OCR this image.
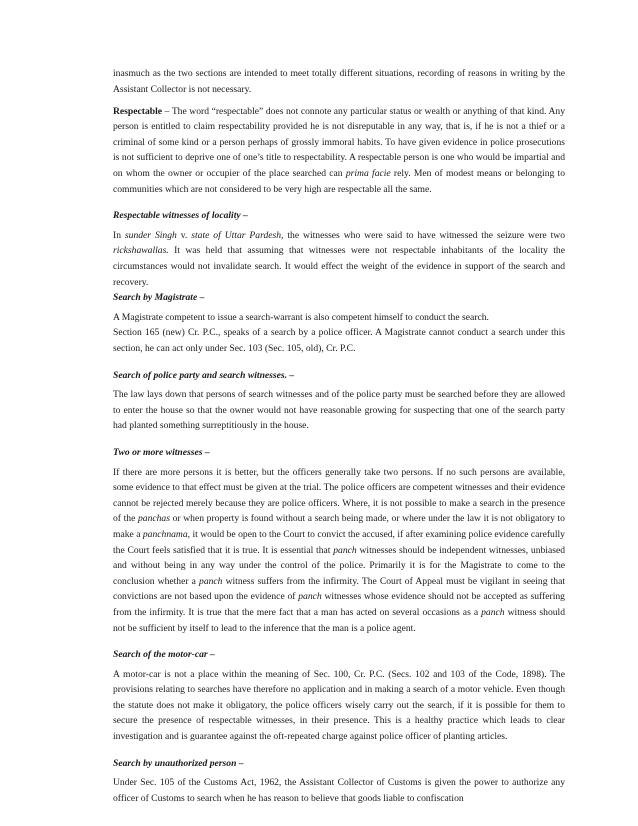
inasmuch as the two sections are intended to meet totally different situations, recording of reasons in writing by the Assistant Collector is not necessary.

Respectable – The word “respectable” does not connote any particular status or wealth or anything of that kind. Any person is entitled to claim respectability provided he is not disreputable in any way, that is, if he is not a thief or a criminal of some kind or a person perhaps of grossly immoral habits. To have given evidence in police prosecutions is not sufficient to deprive one of one’s title to respectability. A respectable person is one who would be impartial and on whom the owner or occupier of the place searched can prima facie rely. Men of modest means or belonging to communities which are not considered to be very high are respectable all the same.

Respectable witnesses of locality –

In sunder Singh v. state of Uttar Pardesh, the witnesses who were said to have witnessed the seizure were two rickshawallas. It was held that assuming that witnesses were not respectable inhabitants of the locality the circumstances would not invalidate search. It would effect the weight of the evidence in support of the search and recovery.

Search by Magistrate –

A Magistrate competent to issue a search-warrant is also competent himself to conduct the search.

Section 165 (new) Cr. P.C., speaks of a search by a police officer. A Magistrate cannot conduct a search under this section, he can act only under Sec. 103 (Sec. 105, old), Cr. P.C.

Search of police party and search witnesses. –

The law lays down that persons of search witnesses and of the police party must be searched before they are allowed to enter the house so that the owner would not have reasonable growing for suspecting that one of the search party had planted something surreptitiously in the house.

Two or more witnesses –

If there are more persons it is better, but the officers generally take two persons. If no such persons are available, some evidence to that effect must be given at the trial. The police officers are competent witnesses and their evidence cannot be rejected merely because they are police officers. Where, it is not possible to make a search in the presence of the panchas or when property is found without a search being made, or where under the law it is not obligatory to make a panchnama, it would be open to the Court to convict the accused, if after examining police evidence carefully the Court feels satisfied that it is true. It is essential that panch witnesses should be independent witnesses, unbiased and without being in any way under the control of the police. Primarily it is for the Magistrate to come to the conclusion whether a panch witness suffers from the infirmity. The Court of Appeal must be vigilant in seeing that convictions are not based upon the evidence of panch witnesses whose evidence should not be accepted as suffering from the infirmity. It is true that the mere fact that a man has acted on several occasions as a panch witness should not be sufficient by itself to lead to the inference that the man is a police agent.

Search of the motor-car –

A motor-car is not a place within the meaning of Sec. 100, Cr. P.C. (Secs. 102 and 103 of the Code, 1898). The provisions relating to searches have therefore no application and in making a search of a motor vehicle. Even though the statute does not make it obligatory, the police officers wisely carry out the search, if it is possible for them to secure the presence of respectable witnesses, in their presence. This is a healthy practice which leads to clear investigation and is guarantee against the oft-repeated charge against police officer of planting articles.

Search by unauthorized person –

Under Sec. 105 of the Customs Act, 1962, the Assistant Collector of Customs is given the power to authorize any officer of Customs to search when he has reason to believe that goods liable to confiscation
